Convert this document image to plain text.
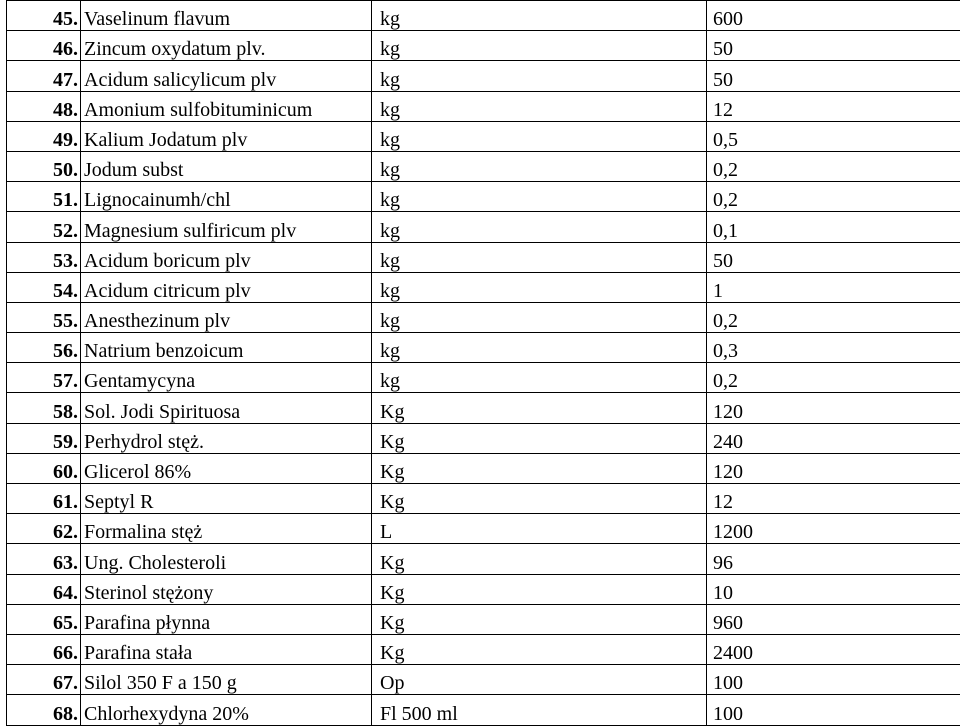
45.	Vaselinum flavum	kg	600
46.	Zincum oxydatum plv.	kg	50
47.	Acidum salicylicum plv	kg	50
48.	Amonium sulfobituminicum	kg	12
49.	Kalium Jodatum plv	kg	0,5
50.	Jodum subst	kg	0,2
51.	Lignocainumh/chl	kg	0,2
52.	Magnesium sulfiricum plv	kg	0,1
53.	Acidum boricum plv	kg	50
54.	Acidum citricum plv	kg	1
55.	Anesthezinum plv	kg	0,2
56.	Natrium benzoicum	kg	0,3
57.	Gentamycyna	kg	0,2
58.	Sol. Jodi Spirituosa	Kg	120
59.	Perhydrol stęż.	Kg	240
60.	Glicerol 86%	Kg	120
61.	Septyl R	Kg	12
62.	Formalina stęż	L	1200
63.	Ung. Cholesteroli	Kg	96
64.	Sterinol stężony	Kg	10
65.	Parafina płynna	Kg	960
66.	Parafina stała	Kg	2400
67.	Silol 350 F a 150 g	Op	100
68.	Chlorhexydyna 20%	Fl 500 ml	100
